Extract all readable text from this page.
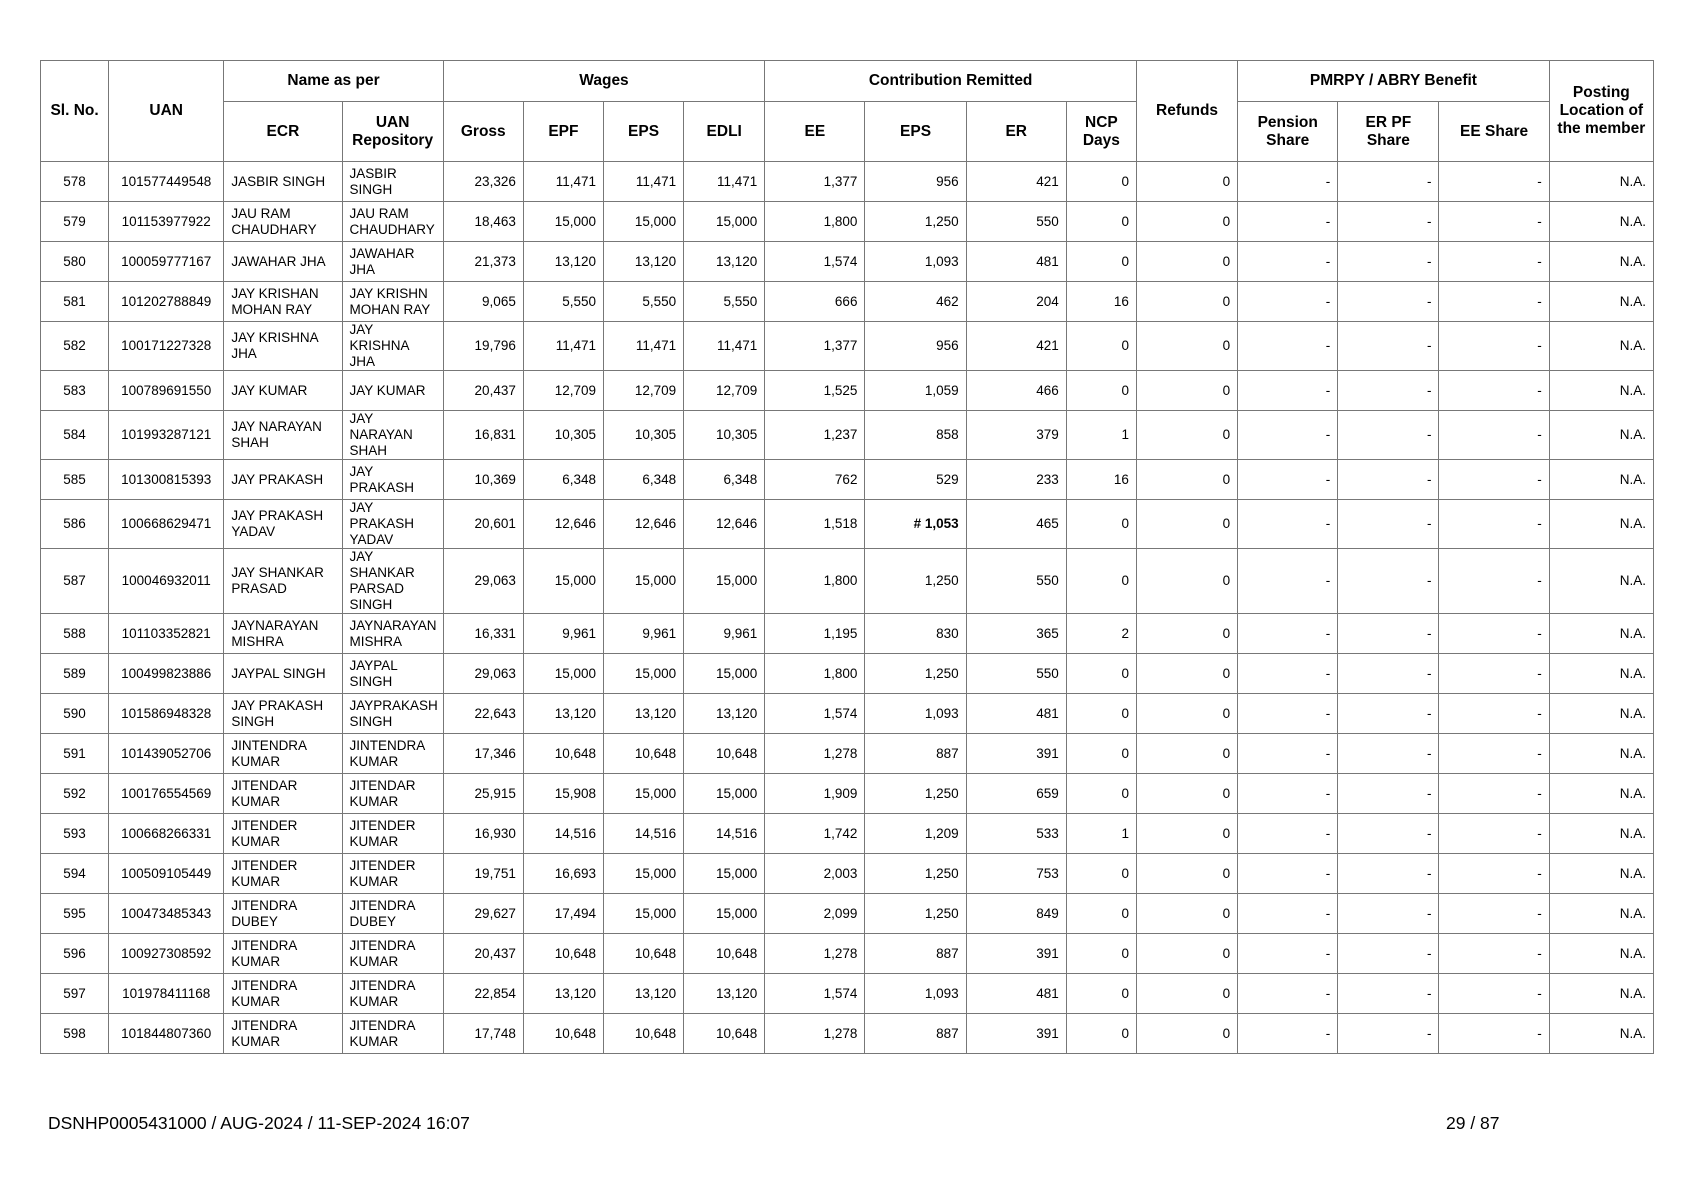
Sl. No.	UAN	Name as per		Wages				Contribution Remitted				Refunds	PMRPY / ABRY Benefit			Posting Location of the member
		ECR	UAN Repository	Gross	EPF	EPS	EDLI	EE	EPS	ER	NCP Days		Pension Share	ER PF Share	EE Share	
578	101577449548	JASBIR SINGH	JASBIR SINGH	23,326	11,471	11,471	11,471	1,377	956	421	0	0	-	-	-	N.A.
579	101153977922	JAU RAM CHAUDHARY	JAU RAM CHAUDHARY	18,463	15,000	15,000	15,000	1,800	1,250	550	0	0	-	-	-	N.A.
580	100059777167	JAWAHAR JHA	JAWAHAR JHA	21,373	13,120	13,120	13,120	1,574	1,093	481	0	0	-	-	-	N.A.
581	101202788849	JAY KRISHAN MOHAN RAY	JAY KRISHN MOHAN RAY	9,065	5,550	5,550	5,550	666	462	204	16	0	-	-	-	N.A.
582	100171227328	JAY KRISHNA JHA	JAY KRISHNA JHA	19,796	11,471	11,471	11,471	1,377	956	421	0	0	-	-	-	N.A.
583	100789691550	JAY KUMAR	JAY KUMAR	20,437	12,709	12,709	12,709	1,525	1,059	466	0	0	-	-	-	N.A.
584	101993287121	JAY NARAYAN SHAH	JAY NARAYAN SHAH	16,831	10,305	10,305	10,305	1,237	858	379	1	0	-	-	-	N.A.
585	101300815393	JAY PRAKASH	JAY PRAKASH	10,369	6,348	6,348	6,348	762	529	233	16	0	-	-	-	N.A.
586	100668629471	JAY PRAKASH YADAV	JAY PRAKASH YADAV	20,601	12,646	12,646	12,646	1,518	# 1,053	465	0	0	-	-	-	N.A.
587	100046932011	JAY SHANKAR PRASAD	JAY SHANKAR PARSAD SINGH	29,063	15,000	15,000	15,000	1,800	1,250	550	0	0	-	-	-	N.A.
588	101103352821	JAYNARAYAN MISHRA	JAYNARAYAN MISHRA	16,331	9,961	9,961	9,961	1,195	830	365	2	0	-	-	-	N.A.
589	100499823886	JAYPAL SINGH	JAYPAL SINGH	29,063	15,000	15,000	15,000	1,800	1,250	550	0	0	-	-	-	N.A.
590	101586948328	JAY PRAKASH SINGH	JAYPRAKASH SINGH	22,643	13,120	13,120	13,120	1,574	1,093	481	0	0	-	-	-	N.A.
591	101439052706	JINTENDRA KUMAR	JINTENDRA KUMAR	17,346	10,648	10,648	10,648	1,278	887	391	0	0	-	-	-	N.A.
592	100176554569	JITENDAR KUMAR	JITENDAR KUMAR	25,915	15,908	15,000	15,000	1,909	1,250	659	0	0	-	-	-	N.A.
593	100668266331	JITENDER KUMAR	JITENDER KUMAR	16,930	14,516	14,516	14,516	1,742	1,209	533	1	0	-	-	-	N.A.
594	100509105449	JITENDER KUMAR	JITENDER KUMAR	19,751	16,693	15,000	15,000	2,003	1,250	753	0	0	-	-	-	N.A.
595	100473485343	JITENDRA DUBEY	JITENDRA DUBEY	29,627	17,494	15,000	15,000	2,099	1,250	849	0	0	-	-	-	N.A.
596	100927308592	JITENDRA KUMAR	JITENDRA KUMAR	20,437	10,648	10,648	10,648	1,278	887	391	0	0	-	-	-	N.A.
597	101978411168	JITENDRA KUMAR	JITENDRA KUMAR	22,854	13,120	13,120	13,120	1,574	1,093	481	0	0	-	-	-	N.A.
598	101844807360	JITENDRA KUMAR	JITENDRA KUMAR	17,748	10,648	10,648	10,648	1,278	887	391	0	0	-	-	-	N.A.
DSNHP0005431000 / AUG-2024 / 11-SEP-2024 16:07	29 / 87
